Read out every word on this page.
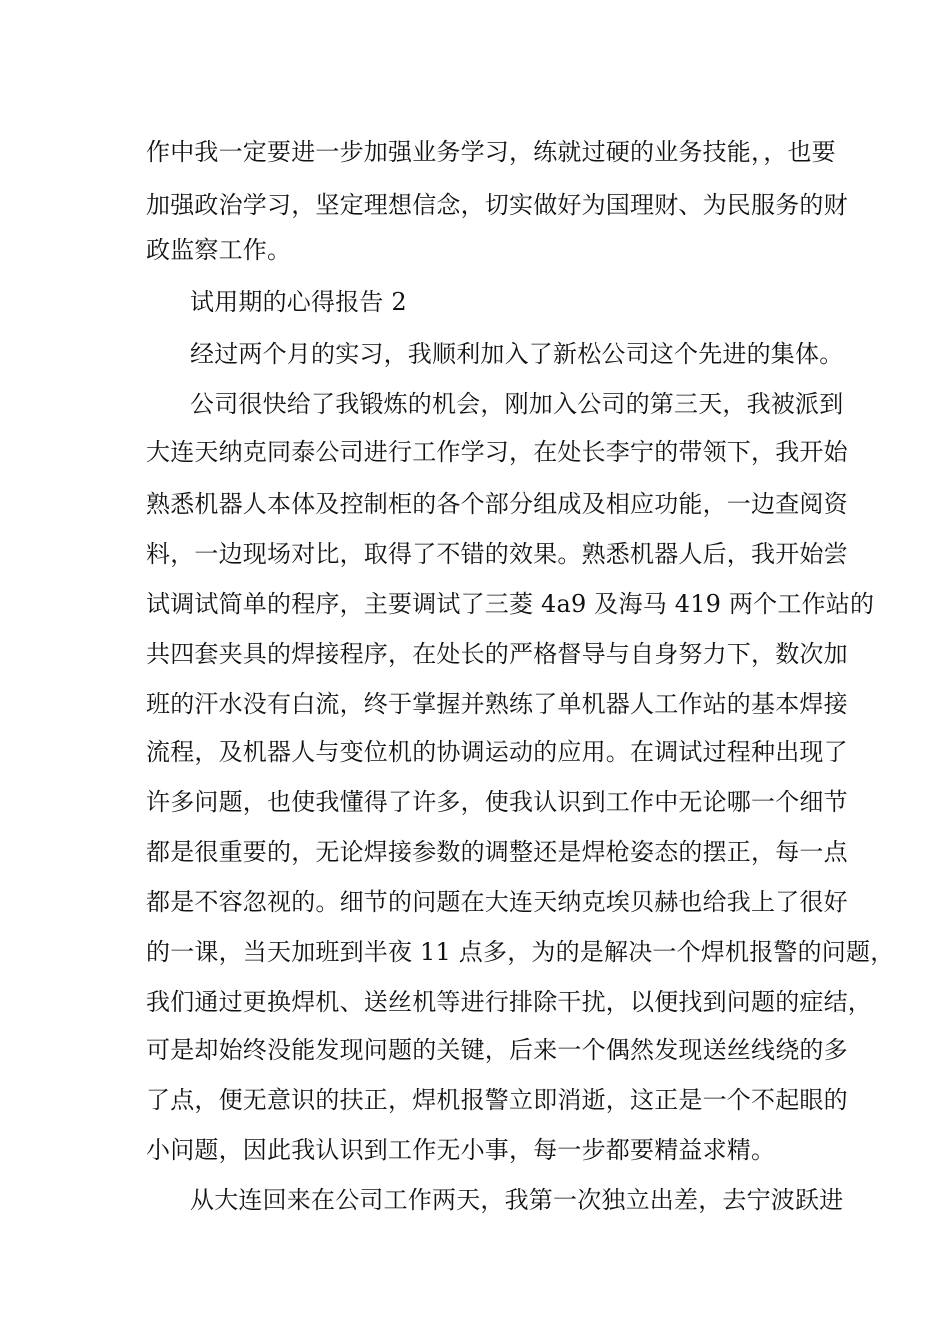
作中我一定要进一步加强业务学习，练就过硬的业务技能，，也要
加强政治学习，坚定理想信念，切实做好为国理财、为民服务的财
政监察工作。
试用期的心得报告 2
经过两个月的实习，我顺利加入了新松公司这个先进的集体。
公司很快给了我锻炼的机会，刚加入公司的第三天，我被派到
大连天纳克同泰公司进行工作学习，在处长李宁的带领下，我开始
熟悉机器人本体及控制柜的各个部分组成及相应功能，一边查阅资
料，一边现场对比，取得了不错的效果。熟悉机器人后，我开始尝
试调试简单的程序，主要调试了三菱 4a9 及海马 419 两个工作站的
共四套夹具的焊接程序，在处长的严格督导与自身努力下，数次加
班的汗水没有白流，终于掌握并熟练了单机器人工作站的基本焊接
流程，及机器人与变位机的协调运动的应用。在调试过程种出现了
许多问题，也使我懂得了许多，使我认识到工作中无论哪一个细节
都是很重要的，无论焊接参数的调整还是焊枪姿态的摆正，每一点
都是不容忽视的。细节的问题在大连天纳克埃贝赫也给我上了很好
的一课，当天加班到半夜 11 点多，为的是解决一个焊机报警的问题，
我们通过更换焊机、送丝机等进行排除干扰，以便找到问题的症结，
可是却始终没能发现问题的关键，后来一个偶然发现送丝线绕的多
了点，便无意识的扶正，焊机报警立即消逝，这正是一个不起眼的
小问题，因此我认识到工作无小事，每一步都要精益求精。
从大连回来在公司工作两天，我第一次独立出差，去宁波跃进
